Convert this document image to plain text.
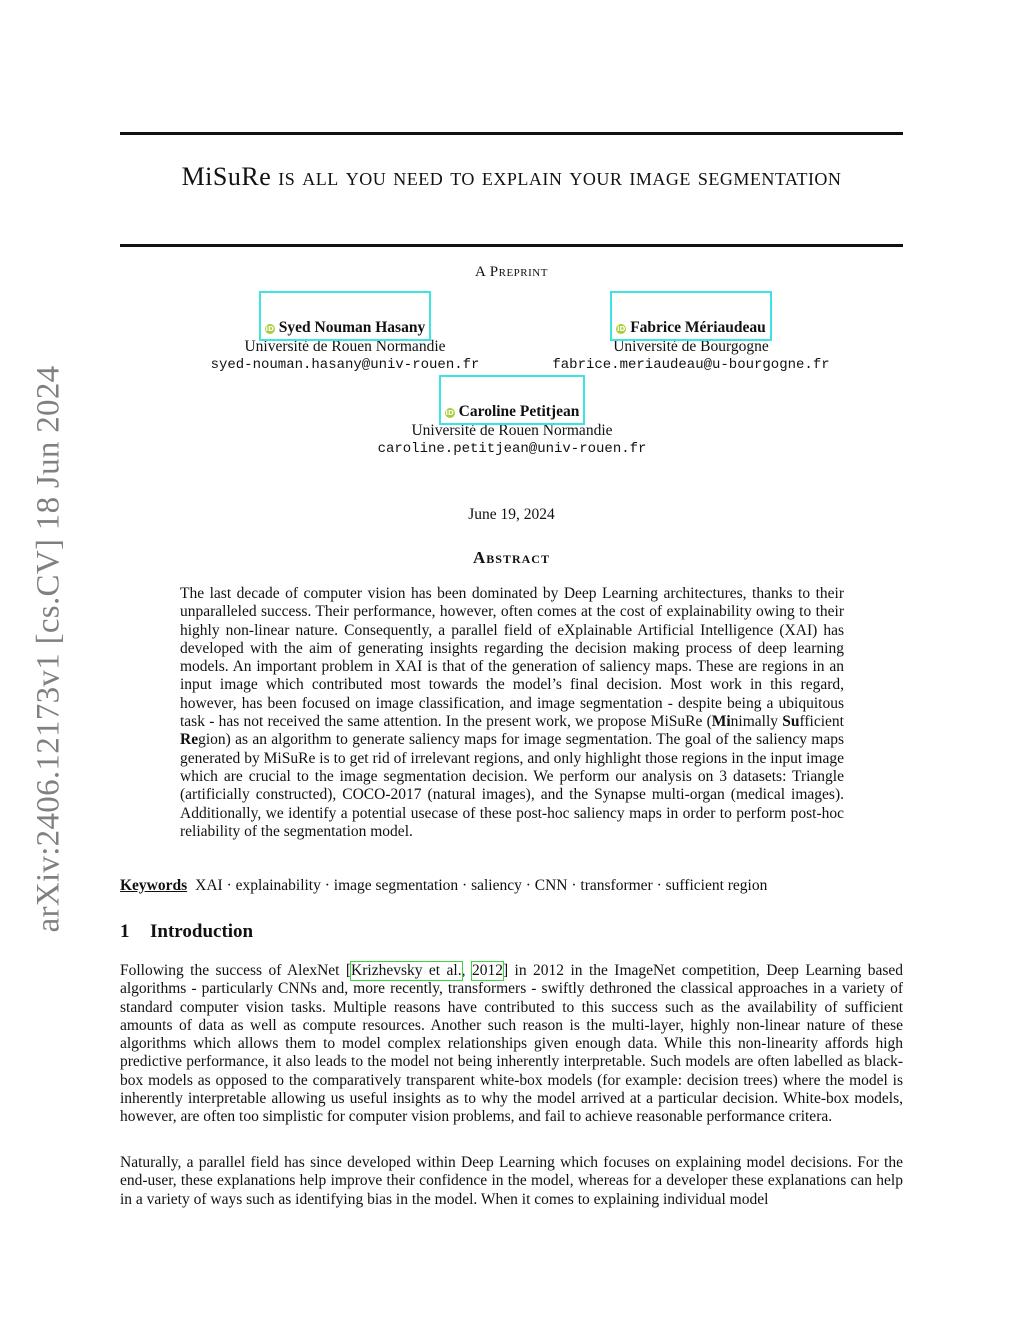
arXiv:2406.12173v1 [cs.CV] 18 Jun 2024
MiSuRe is all you need to explain your image segmentation
A Preprint
iD Syed Nouman Hasany
Université de Rouen Normandie
syed-nouman.hasany@univ-rouen.fr
iD Fabrice Mériaudeau
Université de Bourgogne
fabrice.meriaudeau@u-bourgogne.fr
iD Caroline Petitjean
Université de Rouen Normandie
caroline.petitjean@univ-rouen.fr
June 19, 2024
Abstract
The last decade of computer vision has been dominated by Deep Learning architectures, thanks to their unparalleled success. Their performance, however, often comes at the cost of explainability owing to their highly non-linear nature. Consequently, a parallel field of eXplainable Artificial Intelligence (XAI) has developed with the aim of generating insights regarding the decision making process of deep learning models. An important problem in XAI is that of the generation of saliency maps. These are regions in an input image which contributed most towards the model’s final decision. Most work in this regard, however, has been focused on image classification, and image segmentation - despite being a ubiquitous task - has not received the same attention. In the present work, we propose MiSuRe (Minimally Sufficient Region) as an algorithm to generate saliency maps for image segmentation. The goal of the saliency maps generated by MiSuRe is to get rid of irrelevant regions, and only highlight those regions in the input image which are crucial to the image segmentation decision. We perform our analysis on 3 datasets: Triangle (artificially constructed), COCO-2017 (natural images), and the Synapse multi-organ (medical images). Additionally, we identify a potential usecase of these post-hoc saliency maps in order to perform post-hoc reliability of the segmentation model.
Keywords XAI · explainability · image segmentation · saliency · CNN · transformer · sufficient region
1 Introduction

Following the success of AlexNet [
Krizhevsky et al.,
2012] in 2012 in the ImageNet competition, Deep Learning based algorithms - particularly CNNs and, more recently, transformers - swiftly dethroned the classical approaches in a variety of standard computer vision tasks. Multiple reasons have contributed to this success such as the availability of sufficient amounts of data as well as compute resources. Another such reason is the multi-layer, highly non-linear nature of these algorithms which allows them to model complex relationships given enough data. While this non-linearity affords high predictive performance, it also leads to the model not being inherently interpretable. Such models are often labelled as black-box models as opposed to the comparatively transparent white-box models (for example: decision trees) where the model is inherently interpretable allowing us useful insights as to why the model arrived at a particular decision. White-box models, however, are often too simplistic for computer vision problems, and fail to achieve reasonable performance critera.

Naturally, a parallel field has since developed within Deep Learning which focuses on explaining model decisions. For the end-user, these explanations help improve their confidence in the model, whereas for a developer these explanations can help in a variety of ways such as identifying bias in the model. When it comes to explaining individual model
